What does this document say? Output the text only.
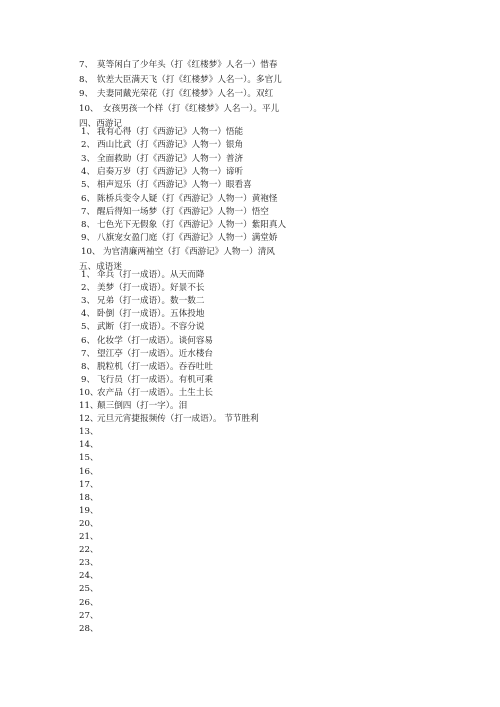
7、 莫等闲白了少年头（打《红楼梦》人名一）惜春
8、 钦差大臣满天飞（打《红楼梦》人名一）。多官儿
9、 夫妻同戴光荣花（打《红楼梦》人名一）。双红
10、 女孩男孩一个样（打《红楼梦》人名一）。平儿
四、西游记
1、 我有心得（打《西游记》人物一）悟能
2、 西山比武（打《西游记》人物一）银角
3、 全面救助（打《西游记》人物一）普济
4、 启奏万岁（打《西游记》人物一）谛听
5、 相声逗乐（打《西游记》人物一）眼看喜
6、 陈桥兵变令人疑（打《西游记》人物一）黄袍怪
7、 醒后得知一场梦（打《西游记》人物一）悟空
8、 七色光下无假象（打《西游记》人物一）紫阳真人
9、 八旗宠女盈门庭（打《西游记》人物一）满堂娇
10、 为官清廉两袖空（打《西游记》人物一）清风
五、成语迷
1、 伞兵（打一成语）。从天而降
2、 美梦（打一成语）。好景不长
3、 兄弟（打一成语）。数一数二
4、 卧倒（打一成语）。五体投地
5、 武断（打一成语）。不容分说
6、 化妆学（打一成语）。谈何容易
7、 望江亭（打一成语）。近水楼台
8、 脱粒机（打一成语）。吞吞吐吐
9、 飞行员（打一成语）。有机可乘
10、
农产品（打一成语）。土生土长
11、
颠三倒四（打一字）。泪
12、
元旦元宵捷报频传（打一成语）。 节节胜利
13、
14、
15、
16、
17、
18、
19、
20、
21、
22、
23、
24、
25、
26、
27、
28、
